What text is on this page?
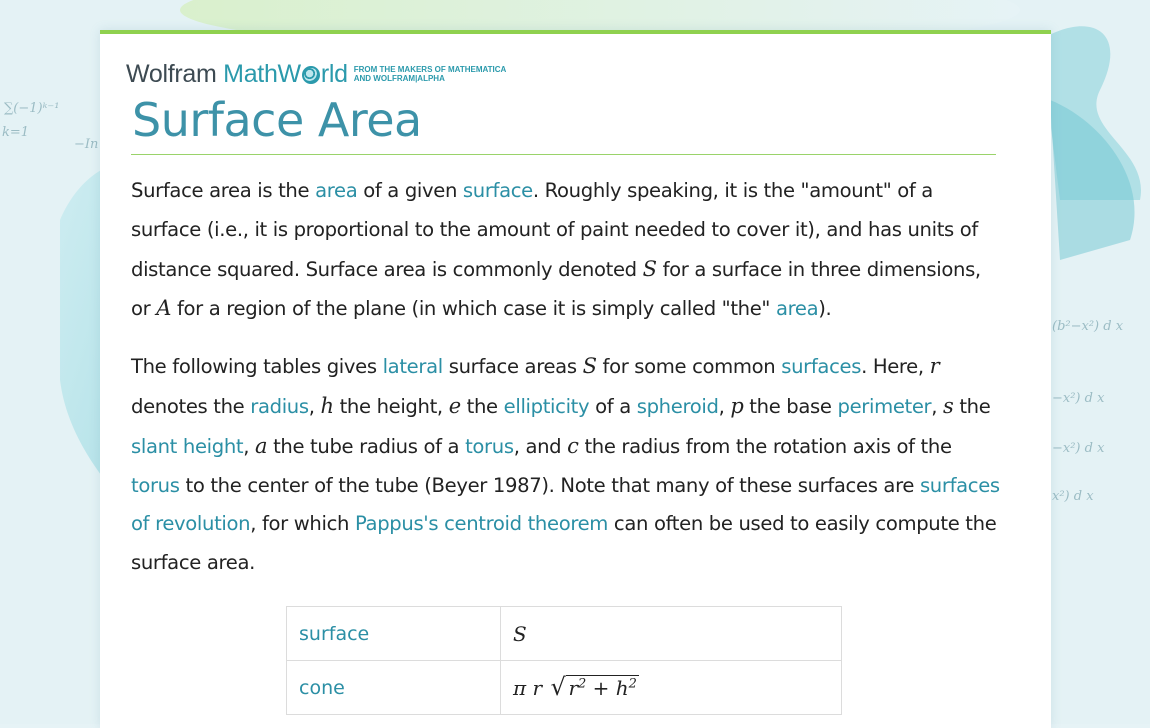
∑(−1)ᵏ⁻¹
k=1
−In
(b²−x²) d x
−x²) d x
−x²) d x
x²) d x
Wolfram MathW rld FROM THE MAKERS OF MATHEMATICA
AND WOLFRAM|ALPHA
Surface Area

Surface area is the area of a given surface. Roughly speaking, it is the "amount" of a surface (i.e., it is proportional to the amount of paint needed to cover it), and has units of distance squared. Surface area is commonly denoted S for a surface in three dimensions, or A for a region of the plane (in which case it is simply called "the" area).

The following tables gives lateral surface areas S for some common surfaces. Here, r denotes the radius, h the height, e the ellipticity of a spheroid, p the base perimeter, s the slant height, a the tube radius of a torus, and c the radius from the rotation axis of the torus to the center of the tube (Beyer 1987). Note that many of these surfaces are surfaces of revolution, for which Pappus's centroid theorem can often be used to easily compute the surface area.

surface	S
cone	π r √ $r^2 + h^2$
